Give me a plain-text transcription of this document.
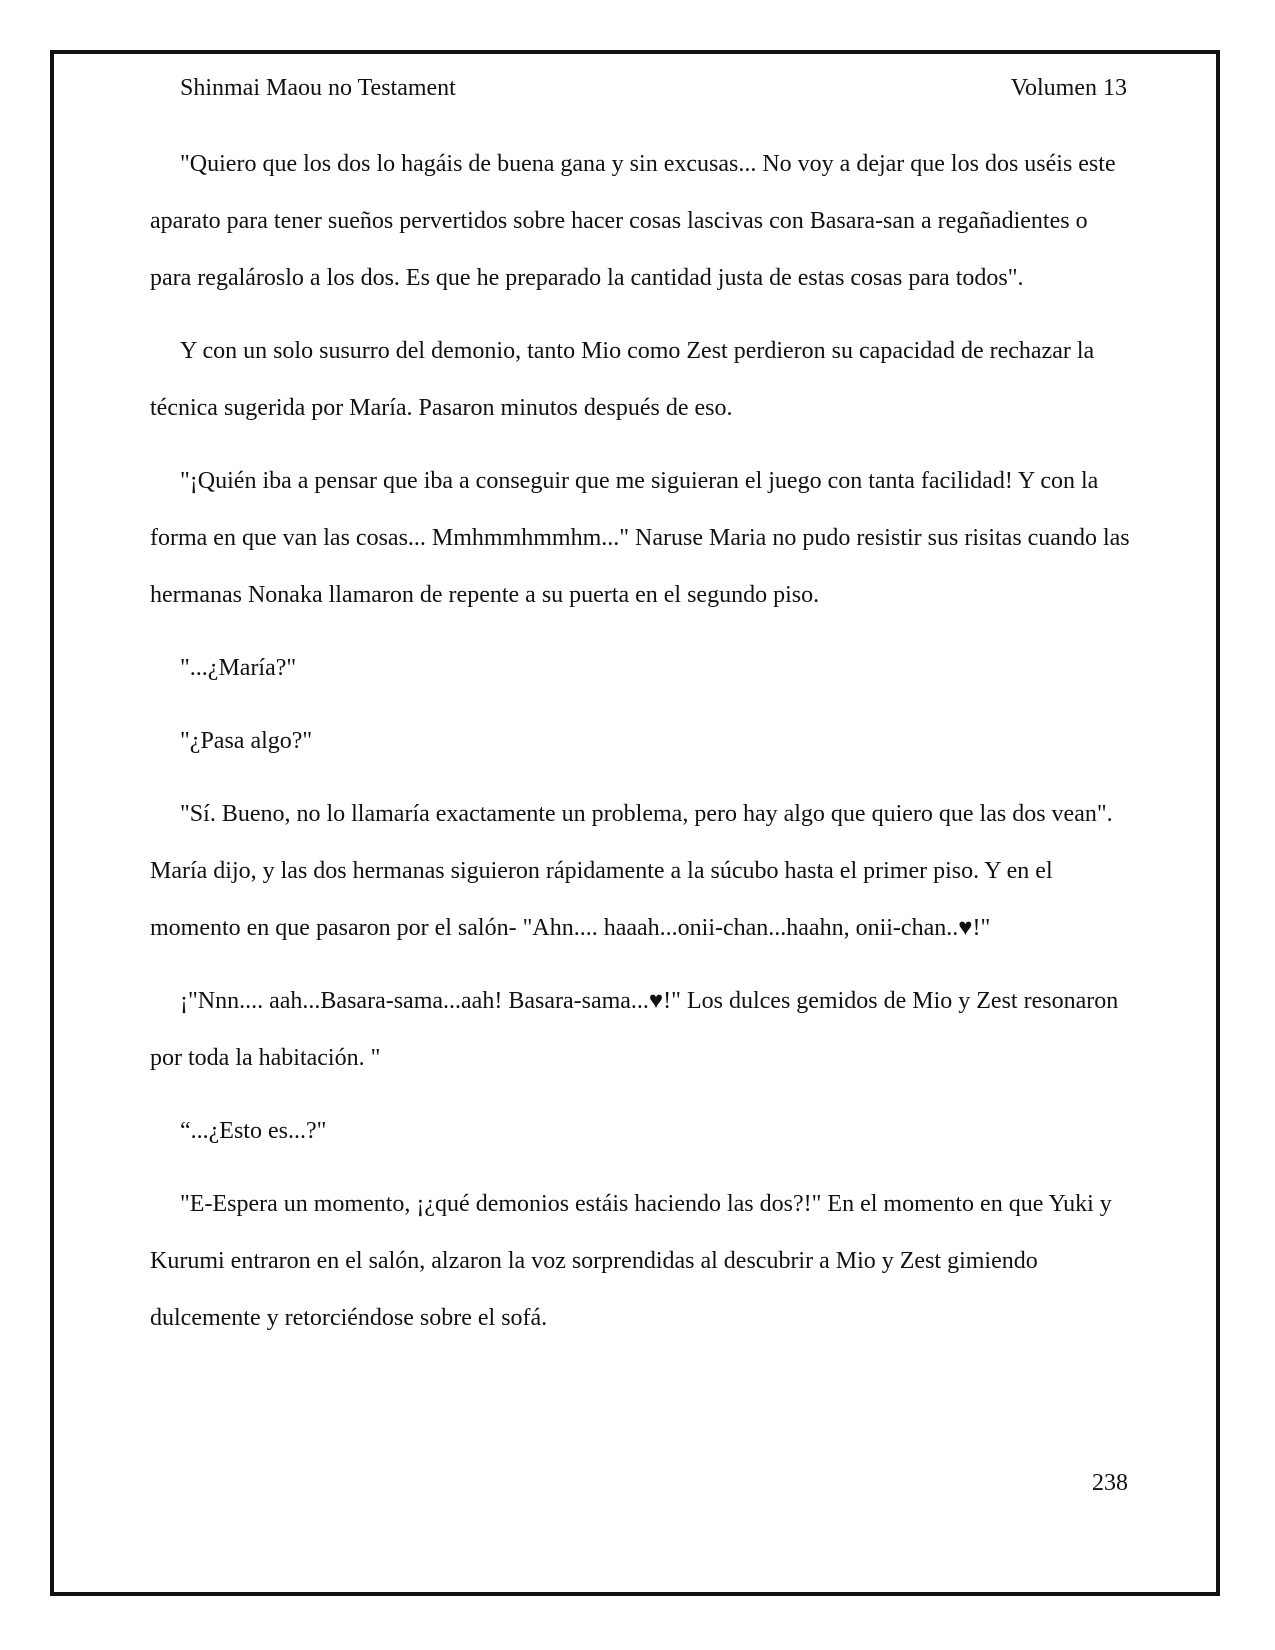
Shinmai Maou no Testament	Volumen 13

"Quiero que los dos lo hagáis de buena gana y sin excusas... No voy a dejar que los dos uséis este aparato para tener sueños pervertidos sobre hacer cosas lascivas con Basara-san a regañadientes o para regalároslo a los dos. Es que he preparado la cantidad justa de estas cosas para todos".

Y con un solo susurro del demonio, tanto Mio como Zest perdieron su capacidad de rechazar la técnica sugerida por María. Pasaron minutos después de eso.

"¡Quién iba a pensar que iba a conseguir que me siguieran el juego con tanta facilidad! Y con la forma en que van las cosas... Mmhmmhmmhm..." Naruse Maria no pudo resistir sus risitas cuando las hermanas Nonaka llamaron de repente a su puerta en el segundo piso.

"...¿María?"

"¿Pasa algo?"

"Sí. Bueno, no lo llamaría exactamente un problema, pero hay algo que quiero que las dos vean". María dijo, y las dos hermanas siguieron rápidamente a la súcubo hasta el primer piso. Y en el momento en que pasaron por el salón- "Ahn.... haaah...onii-chan...haahn, onii-chan..♥!"

¡"Nnn.... aah...Basara-sama...aah! Basara-sama...♥!" Los dulces gemidos de Mio y Zest resonaron por toda la habitación. "

“...¿Esto es...?"

"E-Espera un momento, ¡¿qué demonios estáis haciendo las dos?!" En el momento en que Yuki y Kurumi entraron en el salón, alzaron la voz sorprendidas al descubrir a Mio y Zest gimiendo dulcemente y retorciéndose sobre el sofá.

238
